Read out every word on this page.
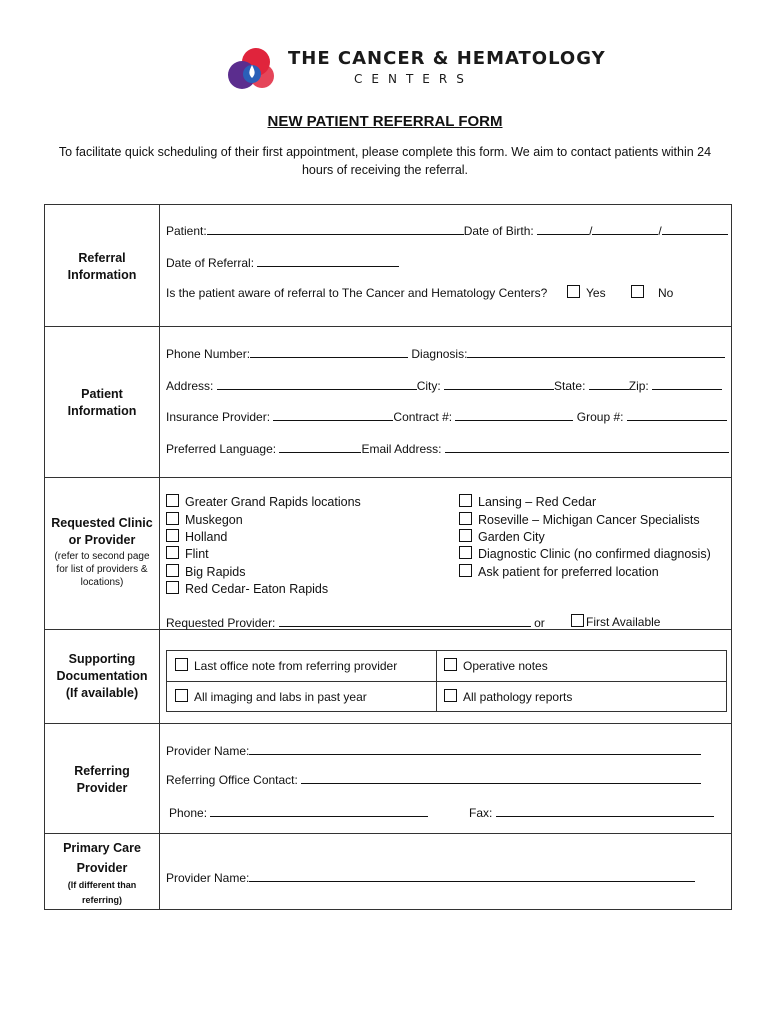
THE CANCER & HEMATOLOGY
CENTERS
NEW PATIENT REFERRAL FORM
To facilitate quick scheduling of their first appointment, please complete this form. We aim to contact patients within 24
hours of receiving the referral.
Referral
Information
Patient:	Date of Birth:	/	/
Date of Referral:
Is the patient aware of referral to The Cancer and Hematology Centers?	Yes	No
Patient
Information
Phone Number:	Diagnosis:
Address:	City:	State:	Zip:
Insurance Provider:	Contract #:	Group #:
Preferred Language:	Email Address:
Requested Clinic
or Provider
(refer to second page
for list of providers &
locations)
Greater Grand Rapids locations
Muskegon
Holland
Flint
Big Rapids
Red Cedar- Eaton Rapids
Lansing – Red Cedar
Roseville – Michigan Cancer Specialists
Garden City
Diagnostic Clinic (no confirmed diagnosis)
Ask patient for preferred location
Requested Provider:	or	First Available
Supporting
Documentation
(If available)
Last office note from referring provider	Operative notes
All imaging and labs in past year	All pathology reports
Referring
Provider
Provider Name:
Referring Office Contact:
Phone:	Fax:
Primary Care
Provider
(If different than
referring)
Provider Name:
